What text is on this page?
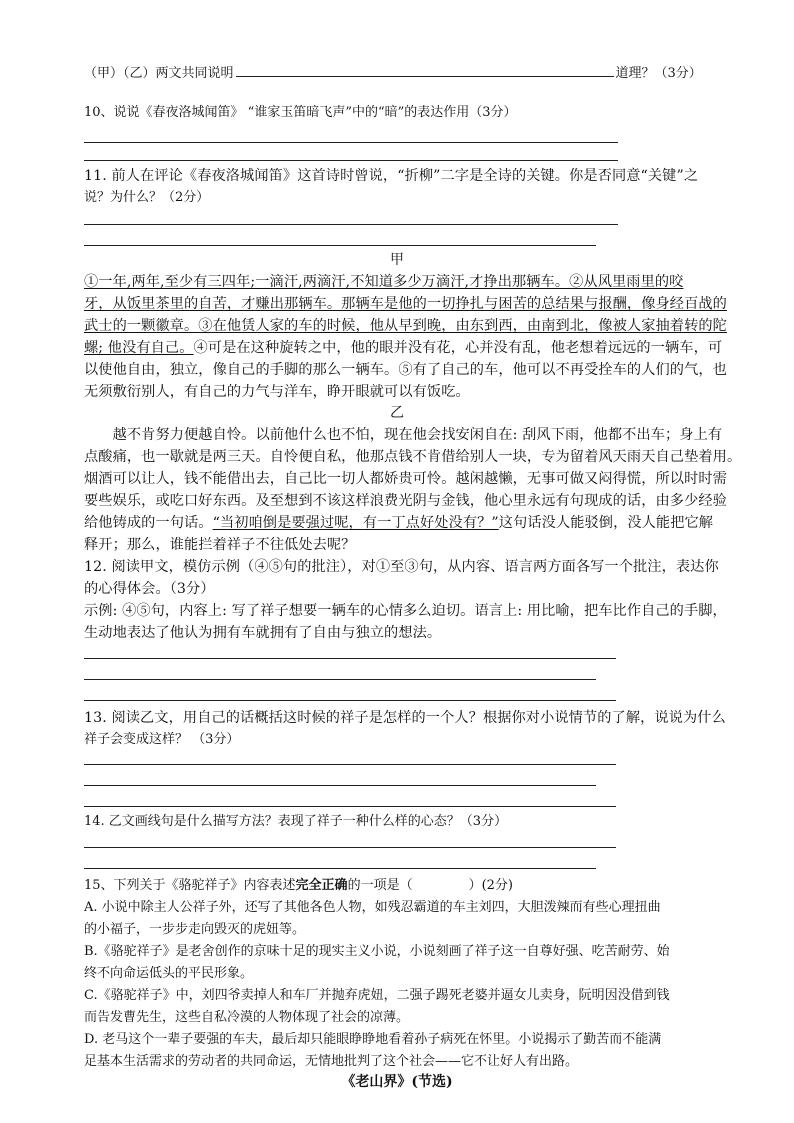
（甲）（乙）两文共同说明	道理？（3分）
10、说说《春夜洛城闻笛》 “谁家玉笛暗飞声”中的“暗”的表达作用（3分）
11. 前人在评论《春夜洛城闻笛》这首诗时曾说，“折柳”二字是全诗的关键。你是否同意“关键”之
说？为什么？（2分）
甲
①一年,两年,至少有三四年;一滴汗,两滴汗,不知道多少万滴汗,才挣出那辆车。②从风里雨里的咬
牙，从饭里茶里的自苦，才赚出那辆车。那辆车是他的一切挣扎与困苦的总结果与报酬，像身经百战的
武士的一颗徽章。③在他赁人家的车的时候，他从早到晚，由东到西，由南到北，像被人家抽着转的陀
螺; 他没有自己。④可是在这种旋转之中，他的眼并没有花，心并没有乱，他老想着远远的一辆车，可
以使他自由，独立，像自己的手脚的那么一辆车。⑤有了自己的车，他可以不再受拴车的人们的气，也
无须敷衍别人，有自己的力气与洋车，睁开眼就可以有饭吃。
乙
　　越不肯努力便越自怜。以前他什么也不怕，现在他会找安闲自在: 刮风下雨，他都不出车；身上有
点酸痛，也一歇就是两三天。自怜便自私，他那点钱不肯借给别人一块，专为留着风天雨天自己垫着用。
烟酒可以让人，钱不能借出去，自己比一切人都娇贵可怜。越闲越懒，无事可做又闷得慌，所以时时需
要些娱乐，或吃口好东西。及至想到不该这样浪费光阴与金钱，他心里永远有句现成的话，由多少经验
给他铸成的一句话。“当初咱倒是要强过呢，有一丁点好处没有？”这句话没人能驳倒，没人能把它解
释开；那么，谁能拦着祥子不往低处去呢？
12. 阅读甲文，模仿示例（④⑤句的批注），对①至③句，从内容、语言两方面各写一个批注，表达你
的心得体会。（3分）
示例: ④⑤句，内容上: 写了祥子想要一辆车的心情多么迫切。语言上: 用比喻，把车比作自己的手脚，
生动地表达了他认为拥有车就拥有了自由与独立的想法。
13. 阅读乙文，用自己的话概括这时候的祥子是怎样的一个人？根据你对小说情节的了解，说说为什么
祥子会变成这样？ （3分）
14. 乙文画线句是什么描写方法？表现了祥子一种什么样的心态？（3分）
15、下列关于《骆驼祥子》内容表述完全正确的一项是（	）(2分)
A. 小说中除主人公祥子外，还写了其他各色人物，如残忍霸道的车主刘四，大胆泼辣而有些心理扭曲
的小福子，一步步走向毁灭的虎妞等。
B.《骆驼祥子》是老舍创作的京味十足的现实主义小说，小说刻画了祥子这一自尊好强、吃苦耐劳、始
终不向命运低头的平民形象。
C.《骆驼祥子》中，刘四爷卖掉人和车厂并抛弃虎妞，二强子踢死老婆并逼女儿卖身，阮明因没借到钱
而告发曹先生，这些自私冷漠的人物体现了社会的凉薄。
D. 老马这个一辈子要强的车夫，最后却只能眼睁睁地看着孙子病死在怀里。小说揭示了勤苦而不能满
足基本生活需求的劳动者的共同命运，无情地批判了这个社会——它不让好人有出路。
《老山界》(节选)
